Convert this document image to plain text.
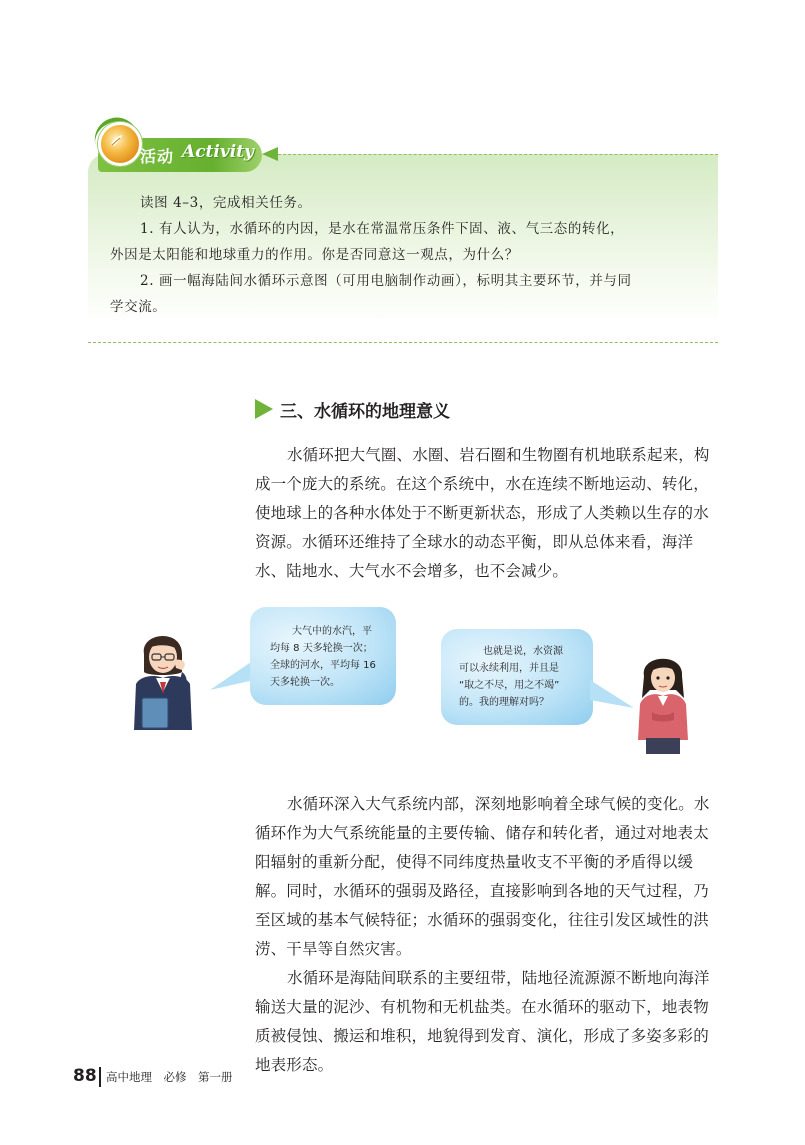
活动 Activity
读图 4–3，完成相关任务。
1. 有人认为，水循环的内因，是水在常温常压条件下固、液、气三态的转化，
外因是太阳能和地球重力的作用。你是否同意这一观点，为什么？
2. 画一幅海陆间水循环示意图（可用电脑制作动画），标明其主要环节，并与同
学交流。
三、水循环的地理意义
水循环把大气圈、水圈、岩石圈和生物圈有机地联系起来，构
成一个庞大的系统。在这个系统中，水在连续不断地运动、转化，
使地球上的各种水体处于不断更新状态，形成了人类赖以生存的水
资源。水循环还维持了全球水的动态平衡，即从总体来看，海洋
水、陆地水、大气水不会增多，也不会减少。
大气中的水汽，平
均每 8 天多轮换一次；
全球的河水，平均每 16
天多轮换一次。
也就是说，水资源
可以永续利用，并且是
“取之不尽，用之不竭”
的。我的理解对吗？
水循环深入大气系统内部，深刻地影响着全球气候的变化。水
循环作为大气系统能量的主要传输、储存和转化者，通过对地表太
阳辐射的重新分配，使得不同纬度热量收支不平衡的矛盾得以缓
解。同时，水循环的强弱及路径，直接影响到各地的天气过程，乃
至区域的基本气候特征；水循环的强弱变化，往往引发区域性的洪
涝、干旱等自然灾害。
水循环是海陆间联系的主要纽带，陆地径流源源不断地向海洋
输送大量的泥沙、有机物和无机盐类。在水循环的驱动下，地表物
质被侵蚀、搬运和堆积，地貌得到发育、演化，形成了多姿多彩的
地表形态。
88 高中地理　必修　第一册
